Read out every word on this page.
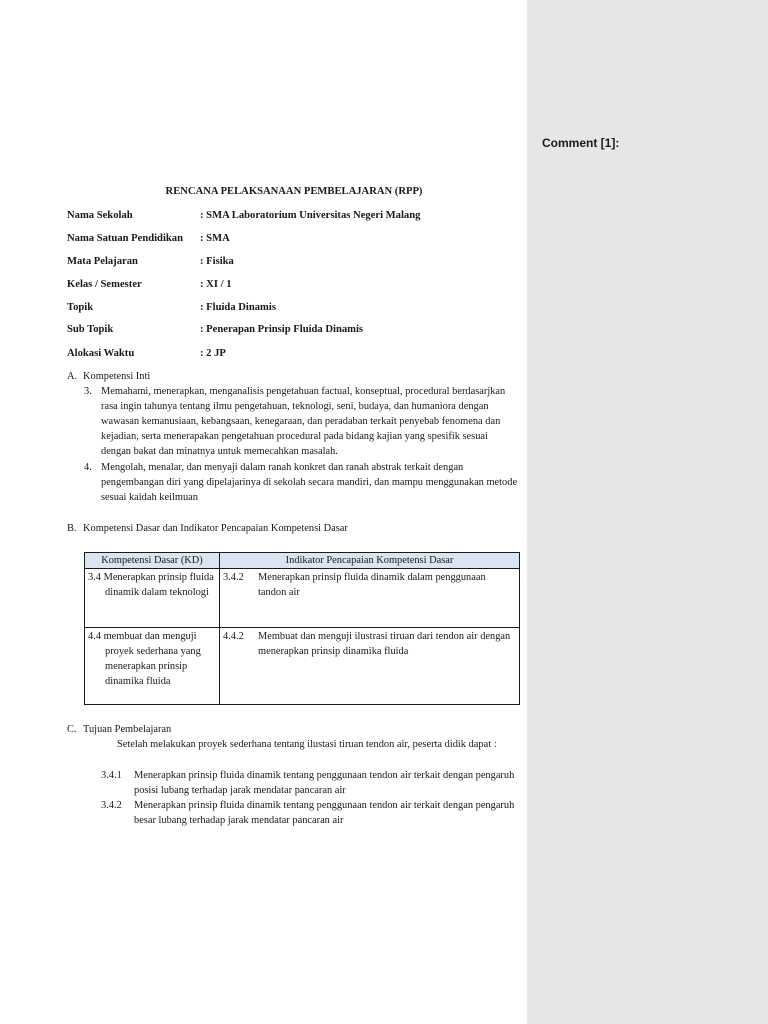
Comment [1]:
RENCANA PELAKSANAAN PEMBELAJARAN (RPP)
Nama Sekolah	: SMA Laboratorium Universitas Negeri Malang
Nama Satuan Pendidikan : SMA
Mata Pelajaran	: Fisika
Kelas / Semester	: XI / 1
Topik	: Fluida Dinamis
Sub Topik	: Penerapan Prinsip Fluida Dinamis
Alokasi Waktu	: 2 JP
A. Kompetensi Inti
3. Memahami, menerapkan, menganalisis pengetahuan factual, konseptual, procedural berdasarjkan rasa ingin tahunya tentang ilmu pengetahuan, teknologi, seni, budaya, dan humaniora dengan wawasan kemanusiaan, kebangsaan, kenegaraan, dan peradaban terkait penyebab fenomena dan kejadian, serta menerapakan pengetahuan procedural pada bidang kajian yang spesifik sesuai dengan bakat dan minatnya untuk memecahkan masalah.
4. Mengolah, menalar, dan menyaji dalam ranah konkret dan ranah abstrak terkait dengan pengembangan diri yang dipelajarinya di sekolah secara mandiri, dan mampu menggunakan metode sesuai kaidah keilmuan
B. Kompetensi Dasar dan Indikator Pencapaian Kompetensi Dasar
Kompetensi Dasar (KD)	Indikator Pencapaian Kompetensi Dasar

3.4 Menerapkan prinsip fluida dinamik dalam teknologi	3.4.2 Menerapkan prinsip fluida dinamik dalam penggunaan tandon air

4.4 membuat dan menguji proyek sederhana yang menerapkan prinsip dinamika fluida	4.4.2 Membuat dan menguji ilustrasi tiruan dari tendon air dengan menerapkan prinsip dinamika fluida
C. Tujuan Pembelajaran
Setelah melakukan proyek sederhana tentang ilustasi tiruan tendon air, peserta didik dapat :
3.4.1 Menerapkan prinsip fluida dinamik tentang penggunaan tendon air terkait dengan pengaruh posisi lubang terhadap jarak mendatar pancaran air
3.4.2 Menerapkan prinsip fluida dinamik tentang penggunaan tendon air terkait dengan pengaruh besar lubang terhadap jarak mendatar pancaran air
